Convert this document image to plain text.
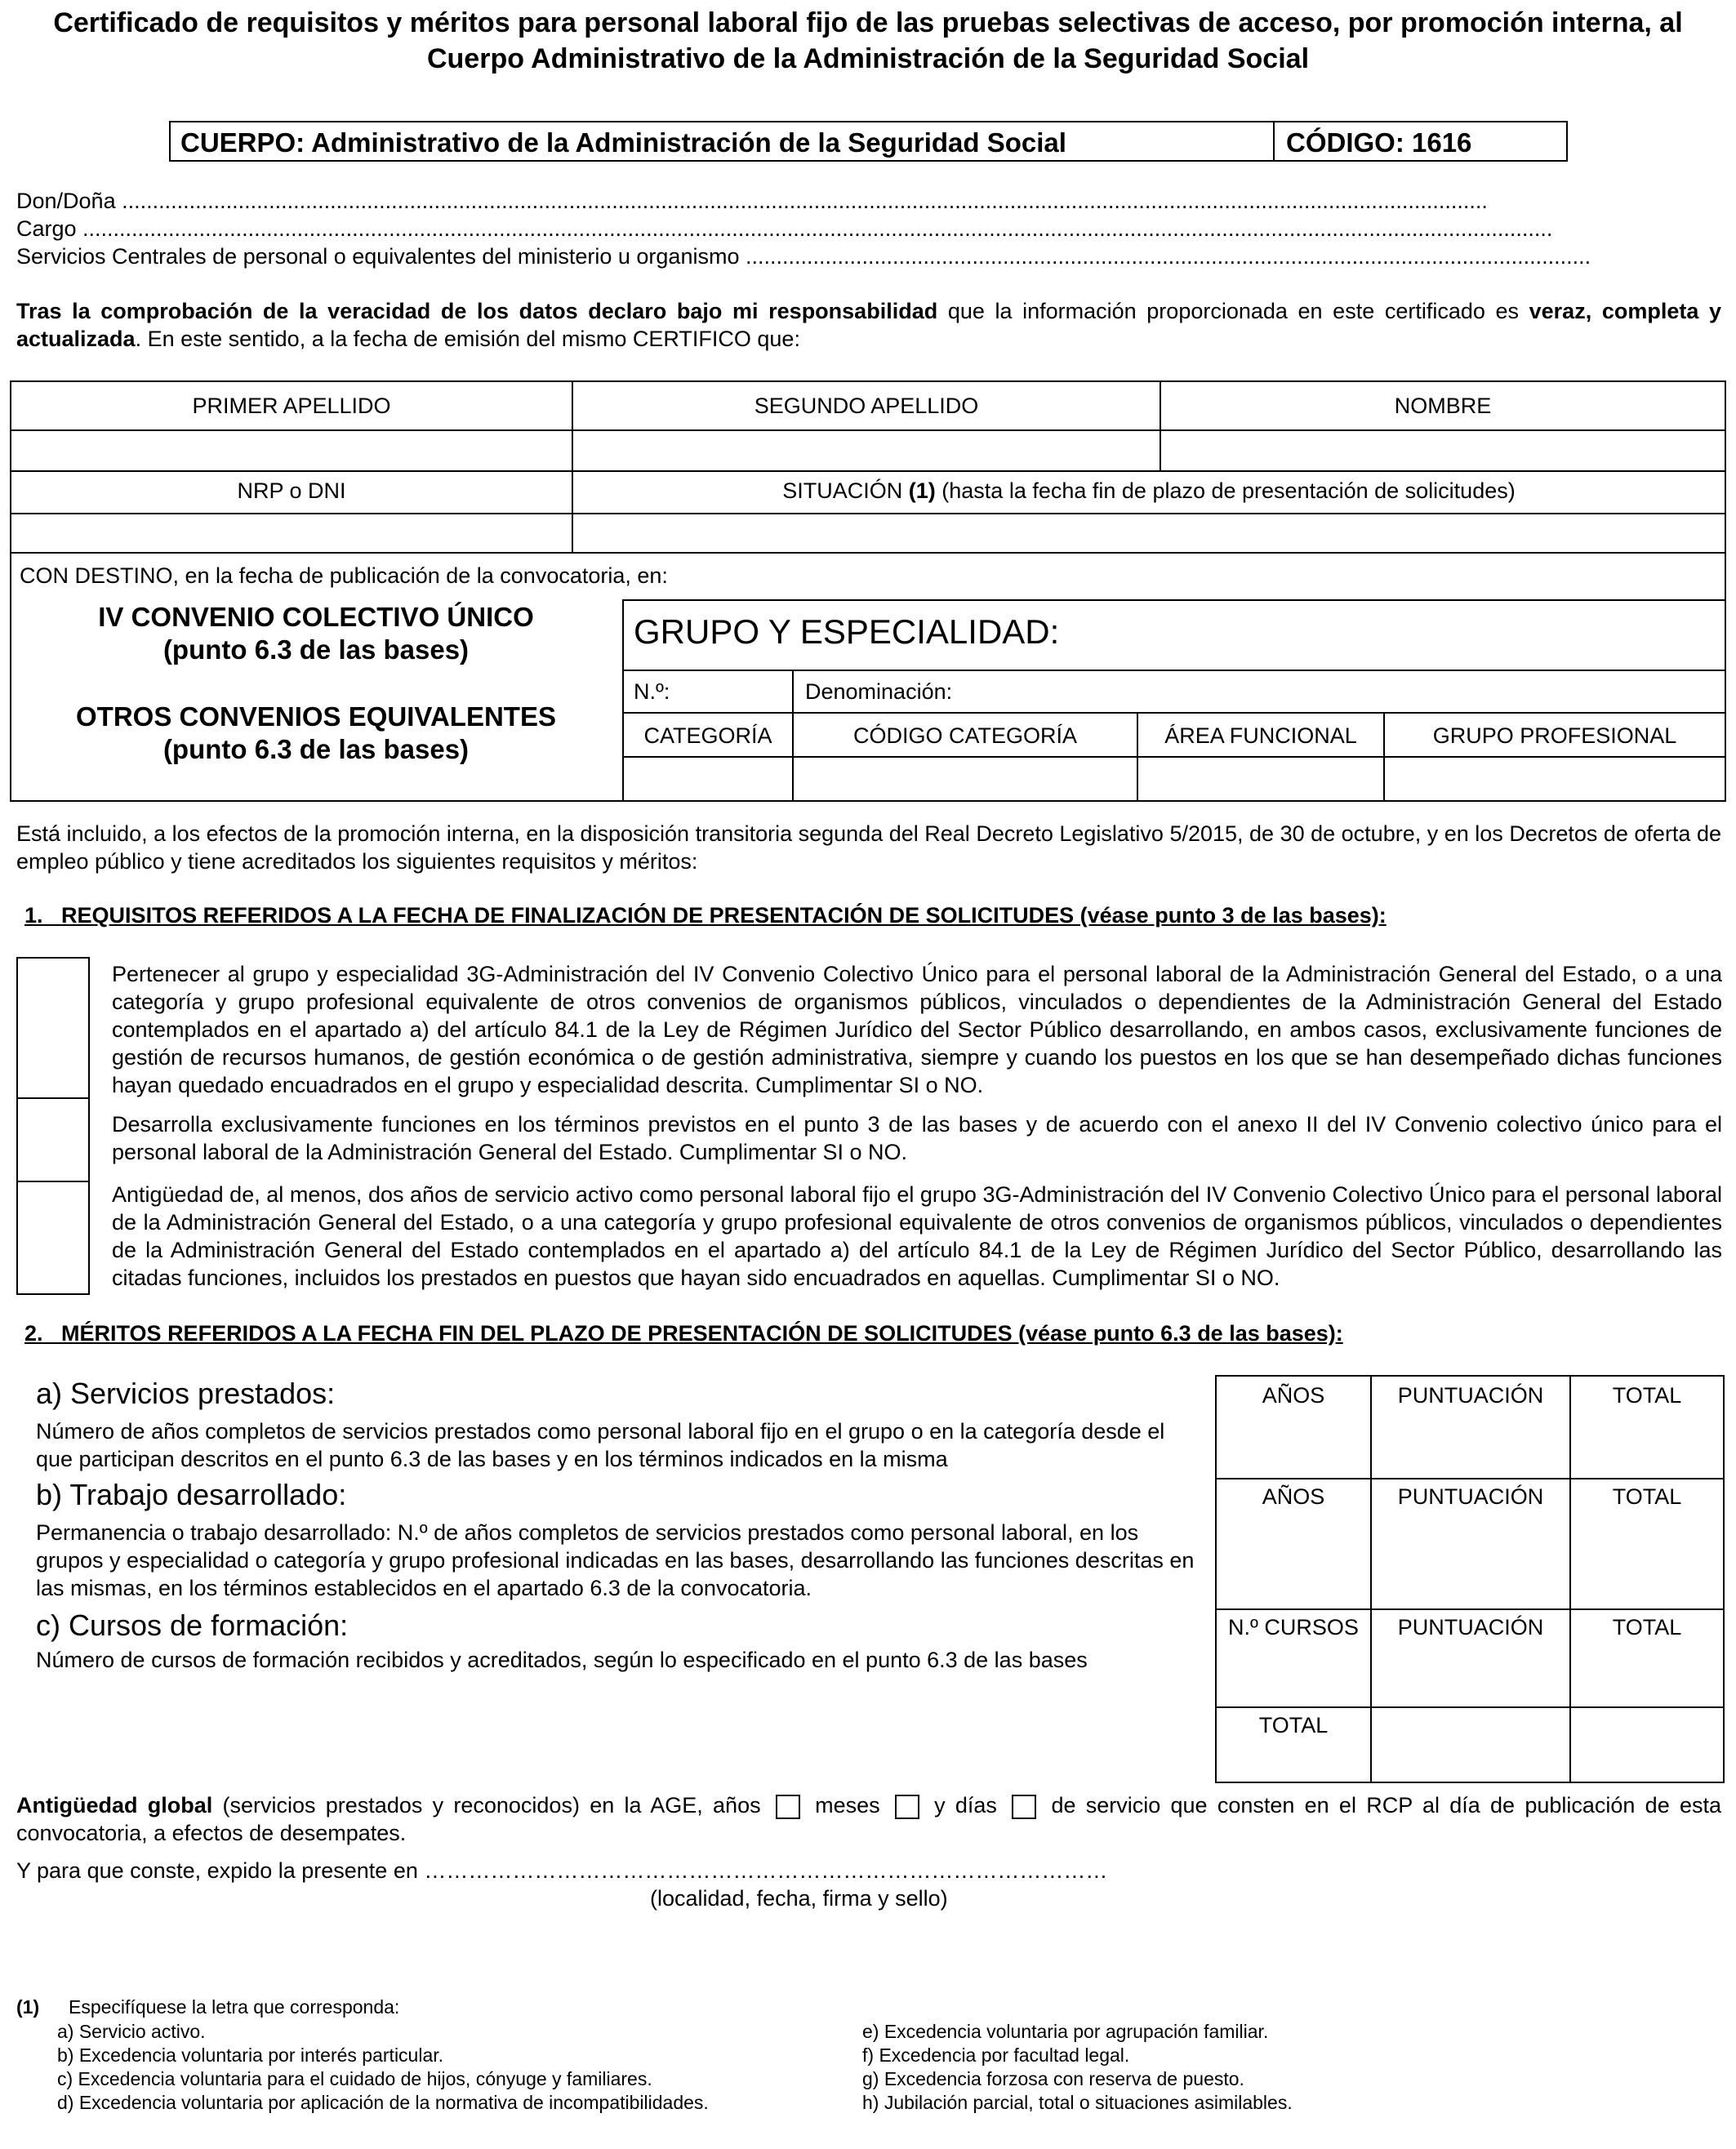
Certificado de requisitos y méritos para personal laboral fijo de las pruebas selectivas de acceso, por promoción interna, al Cuerpo Administrativo de la Administración de la Seguridad Social
CUERPO: Administrativo de la Administración de la Seguridad Social	CÓDIGO: 1616
Don/Doña ...............................................................................................................................................................................................................................
Cargo ................................................................................................................................................................................................................................................
Servicios Centrales de personal o equivalentes del ministerio u organismo ..........................................................................................................................................
Tras la comprobación de la veracidad de los datos declaro bajo mi responsabilidad que la información proporcionada en este certificado es veraz, completa y actualizada. En este sentido, a la fecha de emisión del mismo CERTIFICO que:
PRIMER APELLIDO	SEGUNDO APELLIDO	NOMBRE
NRP o DNI	SITUACIÓN (1) (hasta la fecha fin de plazo de presentación de solicitudes)
CON DESTINO, en la fecha de publicación de la convocatoria, en:
IV CONVENIO COLECTIVO ÚNICO
(punto 6.3 de las bases)
OTROS CONVENIOS EQUIVALENTES
(punto 6.3 de las bases)
GRUPO Y ESPECIALIDAD:
N.º:	Denominación:
CATEGORÍA	CÓDIGO CATEGORÍA	ÁREA FUNCIONAL	GRUPO PROFESIONAL
Está incluido, a los efectos de la promoción interna, en la disposición transitoria segunda del Real Decreto Legislativo 5/2015, de 30 de octubre, y en los Decretos de oferta de empleo público y tiene acreditados los siguientes requisitos y méritos:
1. REQUISITOS REFERIDOS A LA FECHA DE FINALIZACIÓN DE PRESENTACIÓN DE SOLICITUDES (véase punto 3 de las bases):
Pertenecer al grupo y especialidad 3G-Administración del IV Convenio Colectivo Único para el personal laboral de la Administración General del Estado, o a una categoría y grupo profesional equivalente de otros convenios de organismos públicos, vinculados o dependientes de la Administración General del Estado contemplados en el apartado a) del artículo 84.1 de la Ley de Régimen Jurídico del Sector Público desarrollando, en ambos casos, exclusivamente funciones de gestión de recursos humanos, de gestión económica o de gestión administrativa, siempre y cuando los puestos en los que se han desempeñado dichas funciones hayan quedado encuadrados en el grupo y especialidad descrita. Cumplimentar SI o NO.
Desarrolla exclusivamente funciones en los términos previstos en el punto 3 de las bases y de acuerdo con el anexo II del IV Convenio colectivo único para el personal laboral de la Administración General del Estado. Cumplimentar SI o NO.
Antigüedad de, al menos, dos años de servicio activo como personal laboral fijo el grupo 3G-Administración del IV Convenio Colectivo Único para el personal laboral de la Administración General del Estado, o a una categoría y grupo profesional equivalente de otros convenios de organismos públicos, vinculados o dependientes de la Administración General del Estado contemplados en el apartado a) del artículo 84.1 de la Ley de Régimen Jurídico del Sector Público, desarrollando las citadas funciones, incluidos los prestados en puestos que hayan sido encuadrados en aquellas. Cumplimentar SI o NO.
2. MÉRITOS REFERIDOS A LA FECHA FIN DEL PLAZO DE PRESENTACIÓN DE SOLICITUDES (véase punto 6.3 de las bases):
a) Servicios prestados:
Número de años completos de servicios prestados como personal laboral fijo en el grupo o en la categoría desde el que participan descritos en el punto 6.3 de las bases y en los términos indicados en la misma
b) Trabajo desarrollado:
Permanencia o trabajo desarrollado: N.º de años completos de servicios prestados como personal laboral, en los grupos y especialidad o categoría y grupo profesional indicadas en las bases, desarrollando las funciones descritas en las mismas, en los términos establecidos en el apartado 6.3 de la convocatoria.
c) Cursos de formación:
Número de cursos de formación recibidos y acreditados, según lo especificado en el punto 6.3 de las bases
AÑOS	PUNTUACIÓN	TOTAL
AÑOS	PUNTUACIÓN	TOTAL
N.º CURSOS	PUNTUACIÓN	TOTAL
TOTAL
Antigüedad global (servicios prestados y reconocidos) en la AGE, años  meses  y días  de servicio que consten en el RCP al día de publicación de esta convocatoria, a efectos de desempates.
Y para que conste, expido la presente en …………………………………………………………………………………
(localidad, fecha, firma y sello)
(1) Especifíquese la letra que corresponda:
a) Servicio activo.
b) Excedencia voluntaria por interés particular.
c) Excedencia voluntaria para el cuidado de hijos, cónyuge y familiares.
d) Excedencia voluntaria por aplicación de la normativa de incompatibilidades.
e) Excedencia voluntaria por agrupación familiar.
f) Excedencia por facultad legal.
g) Excedencia forzosa con reserva de puesto.
h) Jubilación parcial, total o situaciones asimilables.
